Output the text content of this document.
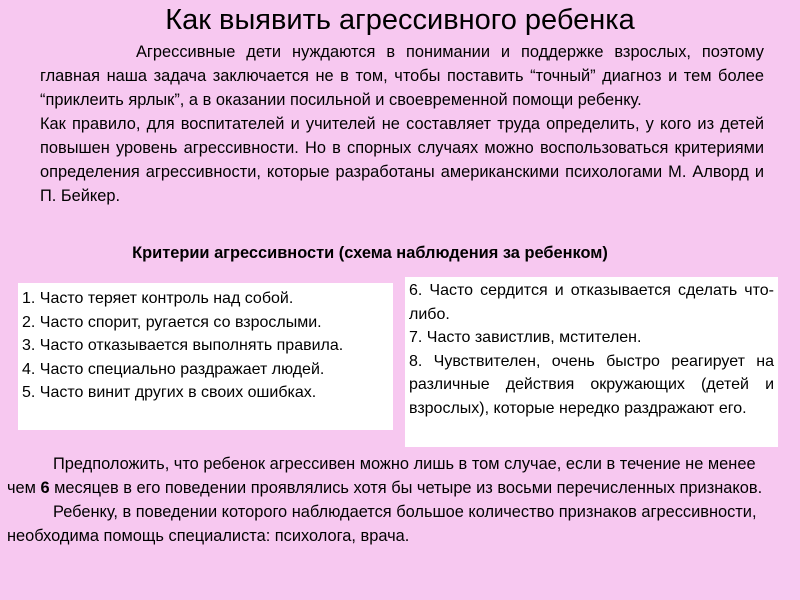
Как выявить агрессивного ребенка

Агрессивные дети нуждаются в понимании и поддержке взрослых, поэтому главная наша задача заключается не в том, чтобы поставить “точный” диагноз и тем более “приклеить ярлык”, а в оказании посильной и своевременной помощи ребенку.

Как правило, для воспитателей и учителей не составляет труда определить, у кого из детей повышен уровень агрессивности. Но в спорных случаях можно воспользоваться критериями определения агрессивности, которые разработаны американскими психологами М. Алворд и П. Бейкер.

Критерии агрессивности (схема наблюдения за ребенком)

1. Часто теряет контроль над собой.

2. Часто спорит, ругается со взрослыми.

3. Часто отказывается выполнять правила.

4. Часто специально раздражает людей.

5. Часто винит других в своих ошибках.

6. Часто сердится и отказывается сделать что-либо.

7. Часто завистлив, мстителен.

8. Чувствителен, очень быстро реагирует на различные действия окружающих (детей и взрослых), которые нередко раздражают его.

Предположить, что ребенок агрессивен можно лишь в том случае, если в течение не менее чем 6 месяцев в его поведении проявлялись хотя бы четыре из восьми перечисленных признаков.

Ребенку, в поведении которого наблюдается большое количество признаков агрессивности, необходима помощь специалиста: психолога, врача.
